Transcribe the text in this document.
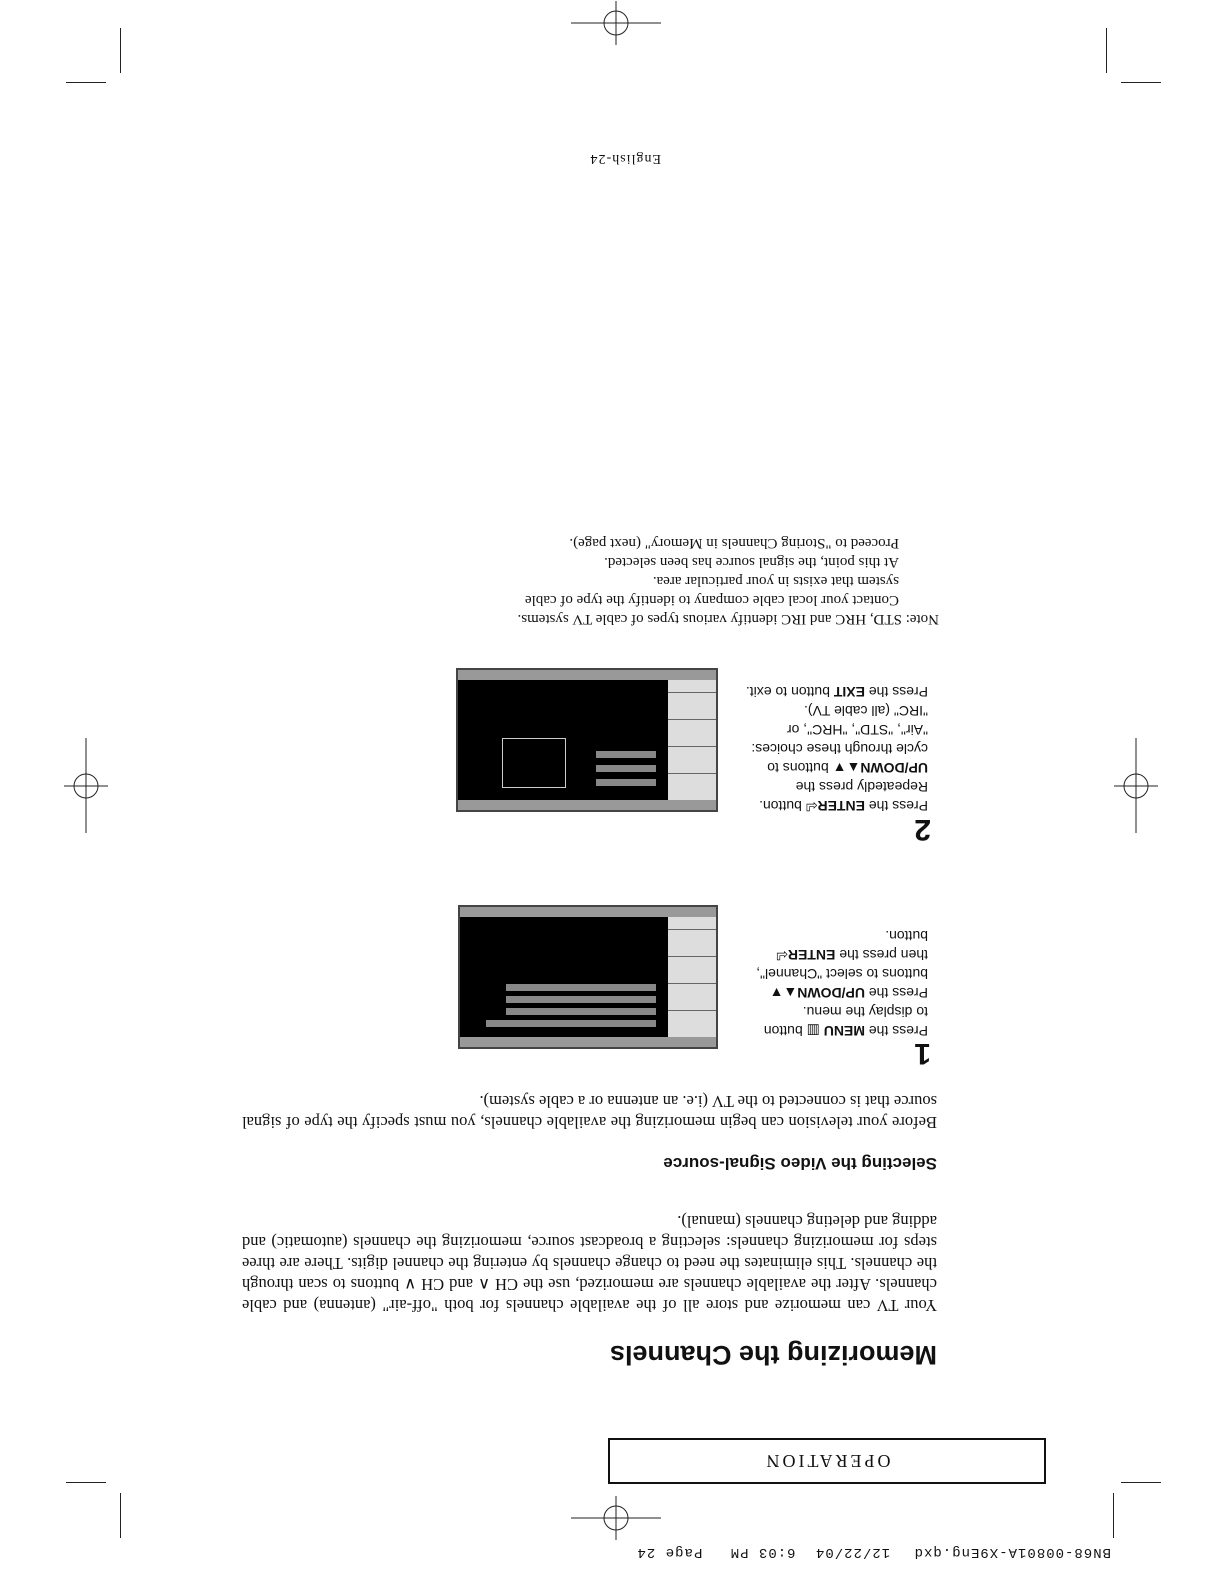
BN68-00801A-X9Eng.qxd 12/22/04 6:03 PM Page 24
OPERATION
Memorizing the Channels
Your TV can memorize and store all of the available channels for both "off-air" (antenna) and cable channels. After the available channels are memorized, use the CH ∧ and CH ∨ buttons to scan through the channels. This eliminates the need to change channels by entering the channel digits. There are three steps for memorizing channels: selecting a broadcast source, memorizing the channels (automatic) and adding and deleting channels (manual).
Selecting the Video Signal-source
Before your television can begin memorizing the available channels, you must specify the type of signal source that is connected to the TV (i.e. an antenna or a cable system).
1
Press the MENU ▥ button
to display the menu.
Press the UP/DOWN▲▼
buttons to select "Channel",
then press the ENTER⏎
button.
2
Press the ENTER⏎ button.
Repeatedly press the
UP/DOWN▲▼ buttons to
cycle through these choices:
"Air", "STD", "HRC", or
"IRC" (all cable TV).
Press the EXIT button to exit.
Note: STD, HRC and IRC identify various types of cable TV systems.
Contact your local cable company to identify the type of cable
system that exists in your particular area.
At this point, the signal source has been selected.
Proceed to "Storing Channels in Memory" (next page).
English-24
